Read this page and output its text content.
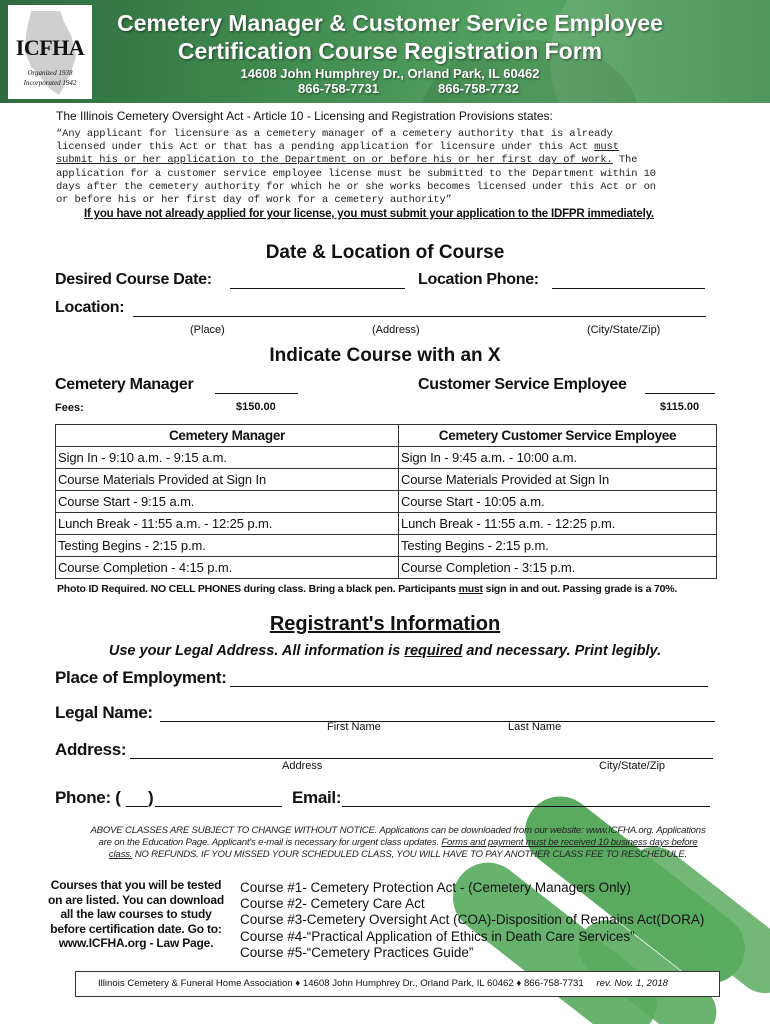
ICFHA
Organized 1938
Incorporated 1942
Cemetery Manager & Customer Service Employee
Certification Course Registration Form
14608 John Humphrey Dr., Orland Park, IL 60462
866-758-7731	866-758-7732
The Illinois Cemetery Oversight Act - Article 10 - Licensing and Registration Provisions states:
“Any applicant for licensure as a cemetery manager of a cemetery authority that is already
licensed under this Act or that has a pending application for licensure under this Act must
submit his or her application to the Department on or before his or her first day of work. The
application for a customer service employee license must be submitted to the Department within 10
days after the cemetery authority for which he or she works becomes licensed under this Act or on
or before his or her first day of work for a cemetery authority”
If you have not already applied for your license, you must submit your application to the IDFPR immediately.
Date & Location of Course
Desired Course Date:	Location Phone:
Location:
(Place)	(Address)	(City/State/Zip)
Indicate Course with an X
Cemetery Manager	Customer Service Employee
Fees:	$150.00	$115.00
Cemetery Manager	Cemetery Customer Service Employee
Sign In - 9:10 a.m. - 9:15 a.m.	Sign In - 9:45 a.m. - 10:00 a.m.
Course Materials Provided at Sign In	Course Materials Provided at Sign In
Course Start - 9:15 a.m.	Course Start - 10:05 a.m.
Lunch Break - 11:55 a.m. - 12:25 p.m.	Lunch Break - 11:55 a.m. - 12:25 p.m.
Testing Begins - 2:15 p.m.	Testing Begins - 2:15 p.m.
Course Completion - 4:15 p.m.	Course Completion - 3:15 p.m.
Photo ID Required. NO CELL PHONES during class. Bring a black pen. Participants must sign in and out. Passing grade is a 70%.
Registrant's Information
Use your Legal Address. All information is required and necessary. Print legibly.
Place of Employment:
Legal Name:
First Name	Last Name
Address:
Address	City/State/Zip
Phone: ( )	Email:
ABOVE CLASSES ARE SUBJECT TO CHANGE WITHOUT NOTICE. Applications can be downloaded from our website: www.ICFHA.org. Applications
are on the Education Page. Applicant's e-mail is necessary for urgent class updates. Forms and payment must be received 10 business days before
class. NO REFUNDS. IF YOU MISSED YOUR SCHEDULED CLASS, YOU WILL HAVE TO PAY ANOTHER CLASS FEE TO RESCHEDULE.
Courses that you will be tested
on are listed. You can download
all the law courses to study
before certification date. Go to:
www.ICFHA.org - Law Page.
Course #1- Cemetery Protection Act - (Cemetery Managers Only)
Course #2- Cemetery Care Act
Course #3-Cemetery Oversight Act (COA)-Disposition of Remains Act(DORA)
Course #4-“Practical Application of Ethics in Death Care Services”
Course #5-“Cemetery Practices Guide”
Illinois Cemetery & Funeral Home Association ♦ 14608 John Humphrey Dr., Orland Park, IL 60462 ♦ 866-758-7731 rev. Nov. 1, 2018
